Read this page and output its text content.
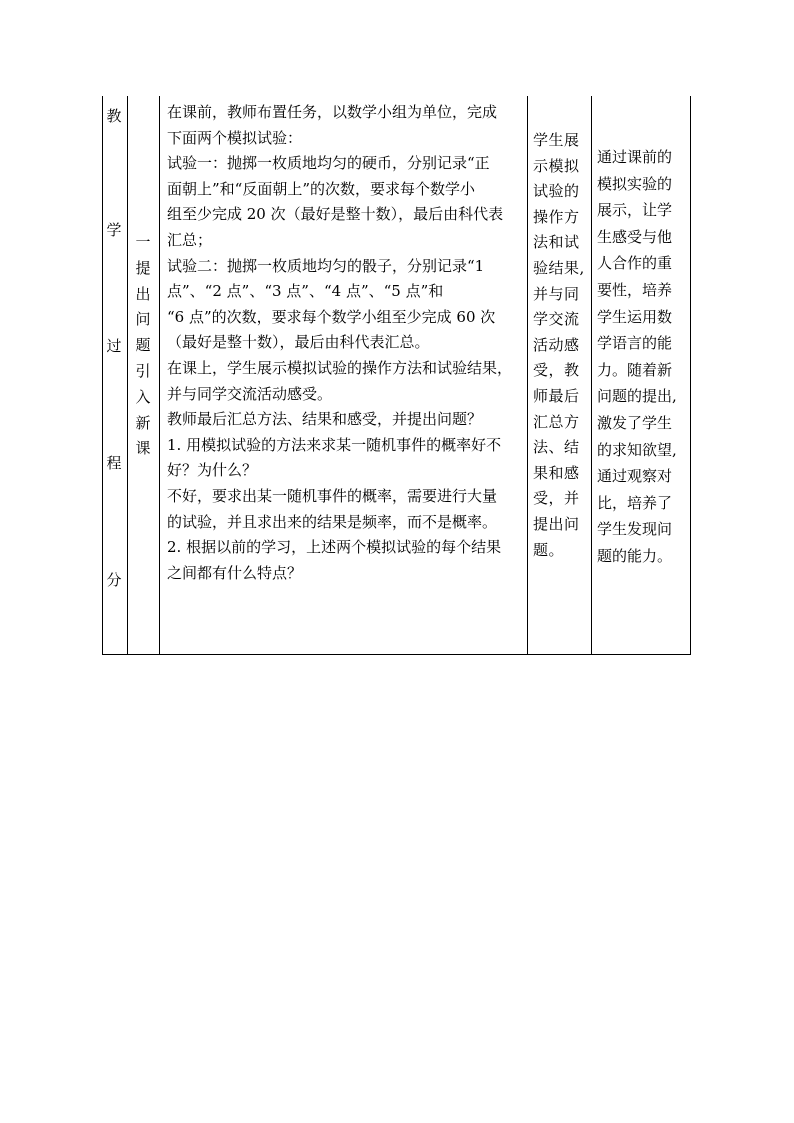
教
学
过
程
分
一
提
出
问
题
引
入
新
课

在课前，教师布置任务，以数学小组为单位，完成

下面两个模拟试验：

试验一：抛掷一枚质地均匀的硬币，分别记录“正

面朝上”和“反面朝上”的次数，要求每个数学小

组至少完成 20 次（最好是整十数），最后由科代表

汇总；

试验二：抛掷一枚质地均匀的骰子，分别记录“1

点”、“2 点”、“3 点”、“4 点”、“5 点”和

“6 点”的次数，要求每个数学小组至少完成 60 次

（最好是整十数），最后由科代表汇总。

在课上，学生展示模拟试验的操作方法和试验结果，

并与同学交流活动感受。

教师最后汇总方法、结果和感受，并提出问题？

1. 用模拟试验的方法来求某一随机事件的概率好不

好？为什么？

不好，要求出某一随机事件的概率，需要进行大量

的试验，并且求出来的结果是频率，而不是概率。

2. 根据以前的学习，上述两个模拟试验的每个结果

之间都有什么特点？

学生展

示模拟

试验的

操作方

法和试

验结果,

并与同

学交流

活动感

受，教

师最后

汇总方

法、结

果和感

受，并

提出问

题。

通过课前的

模拟实验的

展示，让学

生感受与他

人合作的重

要性，培养

学生运用数

学语言的能

力。随着新

问题的提出,

激发了学生

的求知欲望,

通过观察对

比，培养了

学生发现问

题的能力。
